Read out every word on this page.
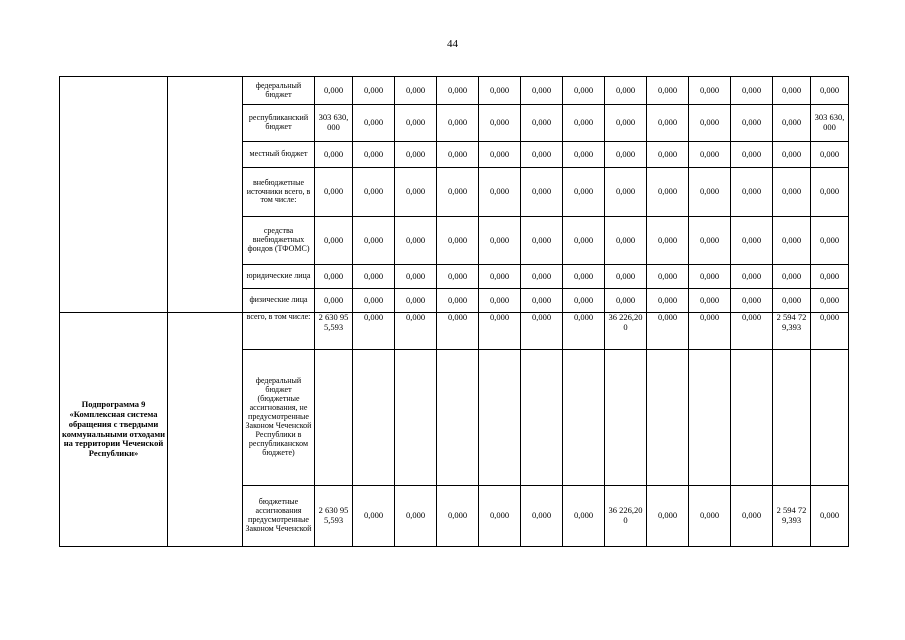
44
		федеральный бюджет	0,000	0,000	0,000	0,000	0,000	0,000	0,000	0,000	0,000	0,000	0,000	0,000	0,000
		республиканский бюджет	303 630,000	0,000	0,000	0,000	0,000	0,000	0,000	0,000	0,000	0,000	0,000	0,000	303 630,000
		местный бюджет	0,000	0,000	0,000	0,000	0,000	0,000	0,000	0,000	0,000	0,000	0,000	0,000	0,000
		внебюджетные источники всего, в том числе:	0,000	0,000	0,000	0,000	0,000	0,000	0,000	0,000	0,000	0,000	0,000	0,000	0,000
		средства внебюджетных фондов (ТФОМС)	0,000	0,000	0,000	0,000	0,000	0,000	0,000	0,000	0,000	0,000	0,000	0,000	0,000
		юридические лица	0,000	0,000	0,000	0,000	0,000	0,000	0,000	0,000	0,000	0,000	0,000	0,000	0,000
		физические лица	0,000	0,000	0,000	0,000	0,000	0,000	0,000	0,000	0,000	0,000	0,000	0,000	0,000
Подпрограмма 9 «Комплексная система обращения с твердыми коммунальными отходами на территории Чеченской Республики»		всего, в том числе:	2 630 955,593	0,000	0,000	0,000	0,000	0,000	0,000	36 226,200	0,000	0,000	0,000	2 594 729,393	0,000
		федеральный бюджет (бюджетные ассигнования, не предусмотренные Законом Чеченской Республики в республиканском бюджете)													
		бюджетные ассигнования предусмотренные Законом Чеченской	2 630 955,593	0,000	0,000	0,000	0,000	0,000	0,000	36 226,200	0,000	0,000	0,000	2 594 729,393	0,000
